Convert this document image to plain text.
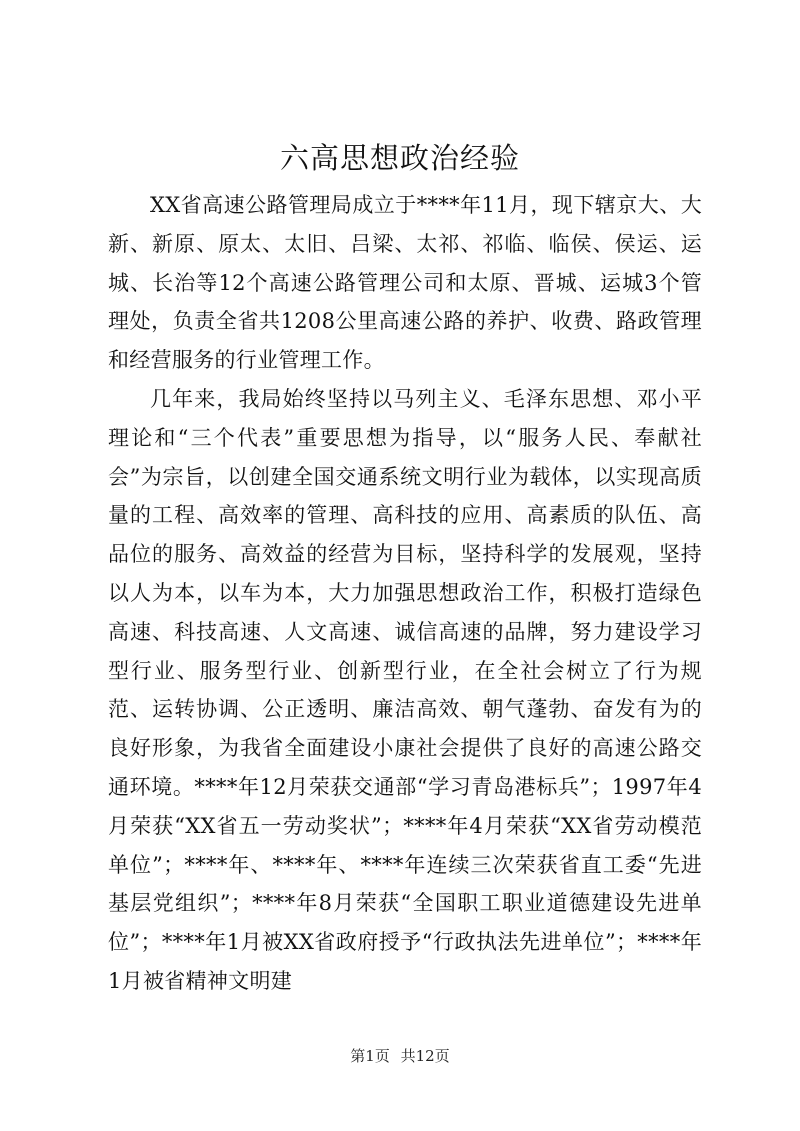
六高思想政治经验

XX省高速公路管理局成立于****年11月，现下辖京大、大新、新原、原太、太旧、吕梁、太祁、祁临、临侯、侯运、运城、长治等12个高速公路管理公司和太原、晋城、运城3个管理处，负责全省共1208公里高速公路的养护、收费、路政管理和经营服务的行业管理工作。

几年来，我局始终坚持以马列主义、毛泽东思想、邓小平理论和“三个代表”重要思想为指导，以“服务人民、奉献社会”为宗旨，以创建全国交通系统文明行业为载体，以实现高质量的工程、高效率的管理、高科技的应用、高素质的队伍、高品位的服务、高效益的经营为目标，坚持科学的发展观，坚持以人为本，以车为本，大力加强思想政治工作，积极打造绿色高速、科技高速、人文高速、诚信高速的品牌，努力建设学习型行业、服务型行业、创新型行业，在全社会树立了行为规范、运转协调、公正透明、廉洁高效、朝气蓬勃、奋发有为的良好形象，为我省全面建设小康社会提供了良好的高速公路交通环境。****年12月荣获交通部“学习青岛港标兵”；1997年4月荣获“XX省五一劳动奖状”；****年4月荣获“XX省劳动模范单位”；****年、****年、****年连续三次荣获省直工委“先进基层党组织”；****年8月荣获“全国职工职业道德建设先进单位”；****年1月被XX省政府授予“行政执法先进单位”；****年1月被省精神文明建

第1页 共12页
